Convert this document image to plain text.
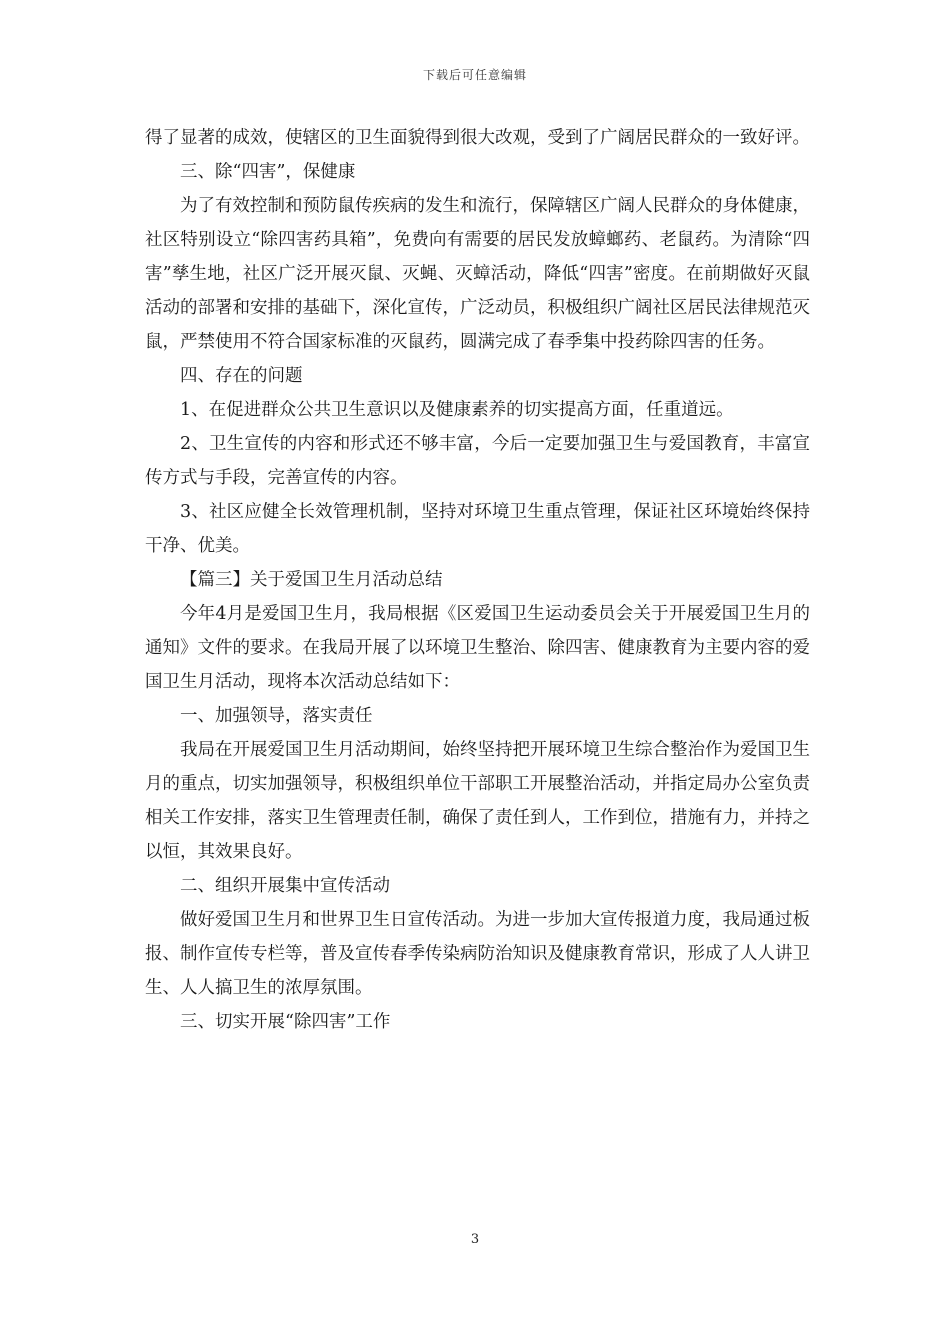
下载后可任意编辑

得了显著的成效，使辖区的卫生面貌得到很大改观，受到了广阔居民群众的一致好评。

三、除“四害”，保健康

为了有效控制和预防鼠传疾病的发生和流行，保障辖区广阔人民群众的身体健康，社区特别设立“除四害药具箱”，免费向有需要的居民发放蟑螂药、老鼠药。为清除“四害”孳生地，社区广泛开展灭鼠、灭蝇、灭蟑活动，降低“四害”密度。在前期做好灭鼠活动的部署和安排的基础下，深化宣传，广泛动员，积极组织广阔社区居民法律规范灭鼠，严禁使用不符合国家标准的灭鼠药，圆满完成了春季集中投药除四害的任务。

四、存在的问题

1、在促进群众公共卫生意识以及健康素养的切实提高方面，任重道远。

2、卫生宣传的内容和形式还不够丰富，今后一定要加强卫生与爱国教育，丰富宣传方式与手段，完善宣传的内容。

3、社区应健全长效管理机制，坚持对环境卫生重点管理，保证社区环境始终保持干净、优美。

【篇三】关于爱国卫生月活动总结

今年4月是爱国卫生月，我局根据《区爱国卫生运动委员会关于开展爱国卫生月的通知》文件的要求。在我局开展了以环境卫生整治、除四害、健康教育为主要内容的爱国卫生月活动，现将本次活动总结如下：

一、加强领导，落实责任

我局在开展爱国卫生月活动期间，始终坚持把开展环境卫生综合整治作为爱国卫生月的重点，切实加强领导，积极组织单位干部职工开展整治活动，并指定局办公室负责相关工作安排，落实卫生管理责任制，确保了责任到人，工作到位，措施有力，并持之以恒，其效果良好。

二、组织开展集中宣传活动

做好爱国卫生月和世界卫生日宣传活动。为进一步加大宣传报道力度，我局通过板报、制作宣传专栏等，普及宣传春季传染病防治知识及健康教育常识，形成了人人讲卫生、人人搞卫生的浓厚氛围。

三、切实开展“除四害”工作

3
